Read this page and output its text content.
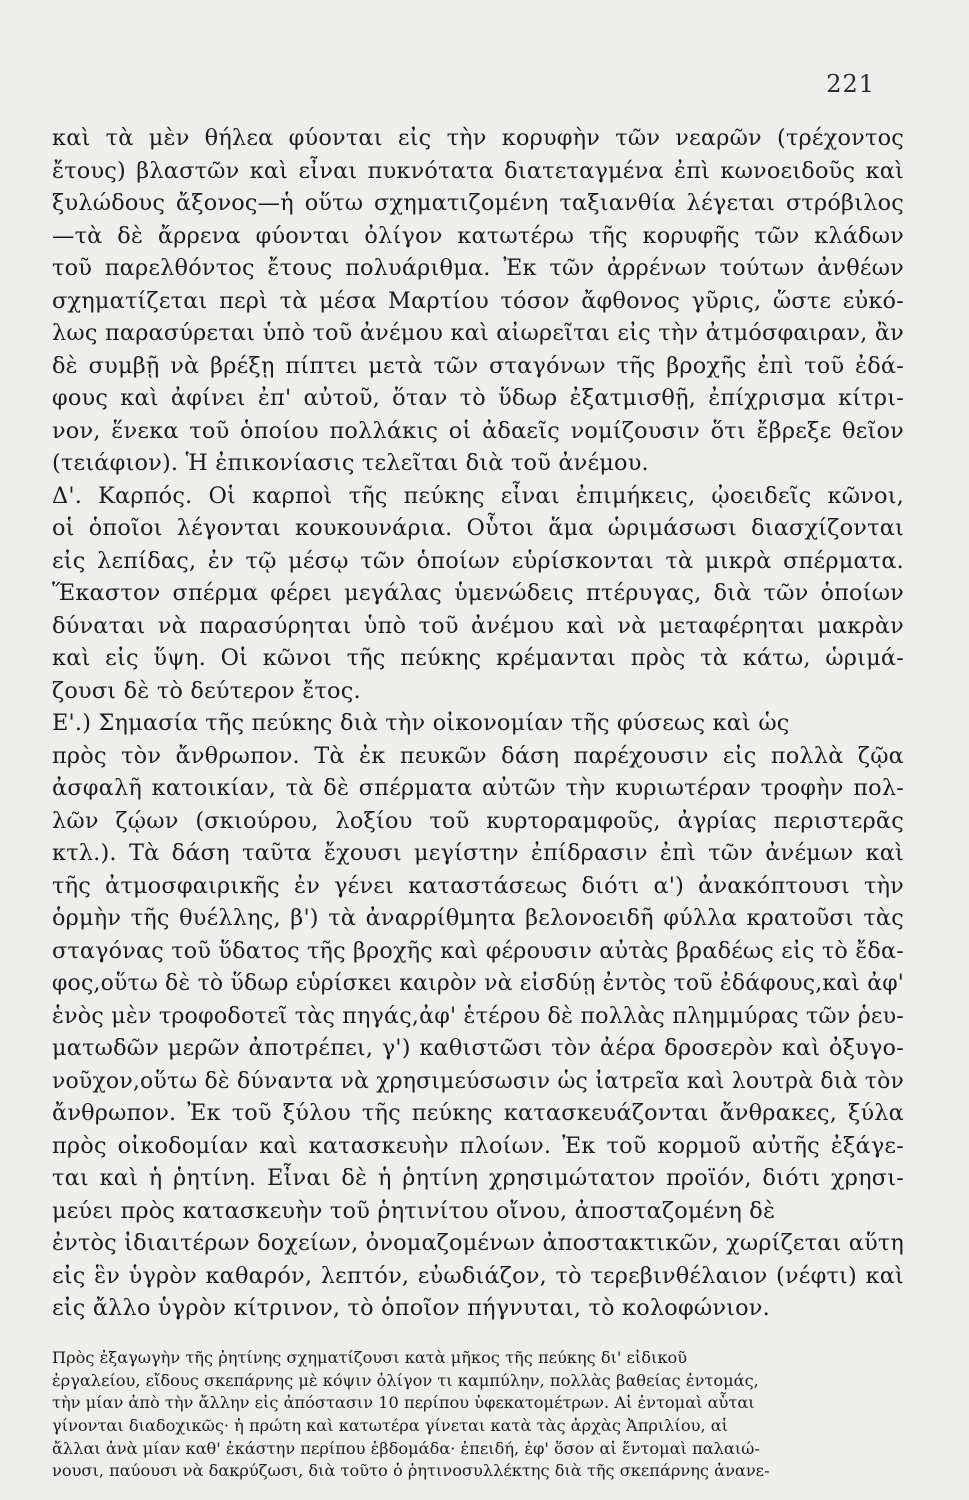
221
καὶ τὰ μὲν θήλεα φύονται εἰς τὴν κορυφὴν τῶν νεαρῶν (τρέχοντος
ἔτους) βλαστῶν καὶ εἶναι πυκνότατα διατεταγμένα ἐπὶ κωνοειδοῦς καὶ
ξυλώδους ἄξονος—ἡ οὕτω σχηματιζομένη ταξιανθία λέγεται στρόβιλος
—τὰ δὲ ἄρρενα φύονται ὀλίγον κατωτέρω τῆς κορυφῆς τῶν κλάδων
τοῦ παρελθόντος ἔτους πολυάριθμα. Ἐκ τῶν ἀρρένων τούτων ἀνθέων
σχηματίζεται περὶ τὰ μέσα Μαρτίου τόσον ἄφθονος γῦρις, ὥστε εὐκό-
λως παρασύρεται ὑπὸ τοῦ ἀνέμου καὶ αἰωρεῖται εἰς τὴν ἀτμόσφαιραν, ἂν
δὲ συμβῇ νὰ βρέξῃ πίπτει μετὰ τῶν σταγόνων τῆς βροχῆς ἐπὶ τοῦ ἐδά-
φους καὶ ἀφίνει ἐπ' αὐτοῦ, ὅταν τὸ ὕδωρ ἐξατμισθῇ, ἐπίχρισμα κίτρι-
νον, ἕνεκα τοῦ ὁποίου πολλάκις οἱ ἀδαεῖς νομίζουσιν ὅτι ἔβρεξε θεῖον
(τειάφιον). Ἡ ἐπικονίασις τελεῖται διὰ τοῦ ἀνέμου.
Δ'. Καρπός. Οἱ καρποὶ τῆς πεύκης εἶναι ἐπιμήκεις, ᾠοειδεῖς κῶνοι,
οἱ ὁποῖοι λέγονται κουκουνάρια. Οὗτοι ἅμα ὡριμάσωσι διασχίζονται
εἰς λεπίδας, ἐν τῷ μέσῳ τῶν ὁποίων εὑρίσκονται τὰ μικρὰ σπέρματα.
Ἕκαστον σπέρμα φέρει μεγάλας ὑμενώδεις πτέρυγας, διὰ τῶν ὁποίων
δύναται νὰ παρασύρηται ὑπὸ τοῦ ἀνέμου καὶ νὰ μεταφέρηται μακρὰν
καὶ εἰς ὕψη. Οἱ κῶνοι τῆς πεύκης κρέμανται πρὸς τὰ κάτω, ὡριμά-
ζουσι δὲ τὸ δεύτερον ἔτος.
Ε'.) Σημασία τῆς πεύκης διὰ τὴν οἰκονομίαν τῆς φύσεως καὶ ὡς
πρὸς τὸν ἄνθρωπον. Τὰ ἐκ πευκῶν δάση παρέχουσιν εἰς πολλὰ ζῷα
ἀσφαλῆ κατοικίαν, τὰ δὲ σπέρματα αὐτῶν τὴν κυριωτέραν τροφὴν πολ-
λῶν ζῴων (σκιούρου, λοξίου τοῦ κυρτοραμφοῦς, ἀγρίας περιστερᾶς
κτλ.). Τὰ δάση ταῦτα ἔχουσι μεγίστην ἐπίδρασιν ἐπὶ τῶν ἀνέμων καὶ
τῆς ἀτμοσφαιρικῆς ἐν γένει καταστάσεως διότι α') ἀνακόπτουσι τὴν
ὁρμὴν τῆς θυέλλης, β') τὰ ἀναρρίθμητα βελονοειδῆ φύλλα κρατοῦσι τὰς
σταγόνας τοῦ ὕδατος τῆς βροχῆς καὶ φέρουσιν αὐτὰς βραδέως εἰς τὸ ἔδα-
φος,οὕτω δὲ τὸ ὕδωρ εὑρίσκει καιρὸν νὰ εἰσδύῃ ἐντὸς τοῦ ἐδάφους,καὶ ἀφ'
ἑνὸς μὲν τροφοδοτεῖ τὰς πηγάς,ἀφ' ἑτέρου δὲ πολλὰς πλημμύρας τῶν ῥευ-
ματωδῶν μερῶν ἀποτρέπει, γ') καθιστῶσι τὸν ἀέρα δροσερὸν καὶ ὀξυγο-
νοῦχον,οὕτω δὲ δύναντα νὰ χρησιμεύσωσιν ὡς ἰατρεῖα καὶ λουτρὰ διὰ τὸν
ἄνθρωπον. Ἐκ τοῦ ξύλου τῆς πεύκης κατασκευάζονται ἄνθρακες, ξύλα
πρὸς οἰκοδομίαν καὶ κατασκευὴν πλοίων. Ἐκ τοῦ κορμοῦ αὐτῆς ἐξάγε-
ται καὶ ἡ ῥητίνη. Εἶναι δὲ ἡ ῥητίνη χρησιμώτατον προϊόν, διότι χρησι-
μεύει πρὸς κατασκευὴν τοῦ ῥητινίτου οἴνου, ἀποσταζομένη δὲ
ἐντὸς ἰδιαιτέρων δοχείων, ὀνομαζομένων ἀποστακτικῶν, χωρίζεται αὕτη
εἰς ἓν ὑγρὸν καθαρόν, λεπτόν, εὐωδιάζον, τὸ τερεβινθέλαιον (νέφτι) καὶ
εἰς ἄλλο ὑγρὸν κίτρινον, τὸ ὁποῖον πήγνυται, τὸ κολοφώνιον.
Πρὸς ἐξαγωγὴν τῆς ῥητίνης σχηματίζουσι κατὰ μῆκος τῆς πεύκης δι' εἰδικοῦ
ἐργαλείου, εἴδους σκεπάρνης μὲ κόψιν ὀλίγον τι καμπύλην, πολλὰς βαθείας ἐντομάς,
τὴν μίαν ἀπὸ τὴν ἄλλην εἰς ἀπόστασιν 10 περίπου ὑφεκατομέτρων. Αἱ ἐντομαὶ αὗται
γίνονται διαδοχικῶς· ἡ πρώτη καὶ κατωτέρα γίνεται κατὰ τὰς ἀρχὰς Ἀπριλίου, αἱ
ἄλλαι ἀνὰ μίαν καθ' ἑκάστην περίπου ἑβδομάδα· ἐπειδή, ἐφ' ὅσον αἱ ἔντομαὶ παλαιώ-
νουσι, παύουσι νὰ δακρύζωσι, διὰ τοῦτο ὁ ῥητινοσυλλέκτης διὰ τῆς σκεπάρνης ἀνανε-
